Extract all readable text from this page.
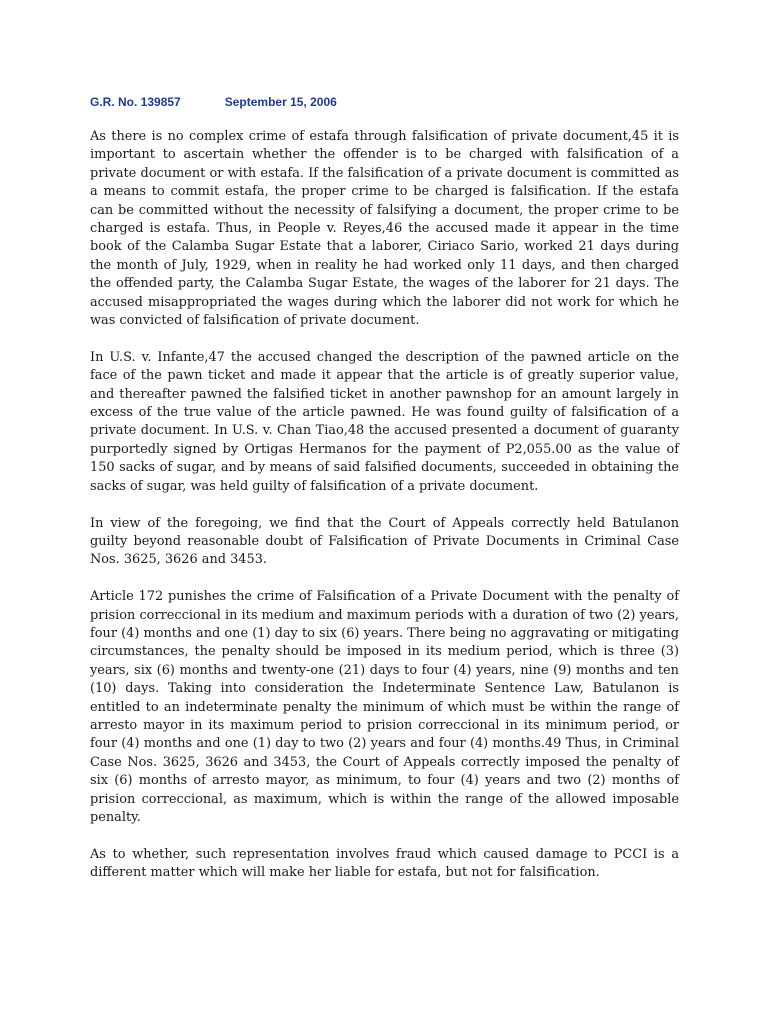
G.R. No. 139857	September 15, 2006

As there is no complex crime of estafa through falsification of private document,45 it is important to ascertain whether the offender is to be charged with falsification of a private document or with estafa. If the falsification of a private document is committed as a means to commit estafa, the proper crime to be charged is falsification. If the estafa can be committed without the necessity of falsifying a document, the proper crime to be charged is estafa. Thus, in People v. Reyes,46 the accused made it appear in the time book of the Calamba Sugar Estate that a laborer, Ciriaco Sario, worked 21 days during the month of July, 1929, when in reality he had worked only 11 days, and then charged the offended party, the Calamba Sugar Estate, the wages of the laborer for 21 days. The accused misappropriated the wages during which the laborer did not work for which he was convicted of falsification of private document.

In U.S. v. Infante,47 the accused changed the description of the pawned article on the face of the pawn ticket and made it appear that the article is of greatly superior value, and thereafter pawned the falsified ticket in another pawnshop for an amount largely in excess of the true value of the article pawned. He was found guilty of falsification of a private document. In U.S. v. Chan Tiao,48 the accused presented a document of guaranty purportedly signed by Ortigas Hermanos for the payment of P2,055.00 as the value of 150 sacks of sugar, and by means of said falsified documents, succeeded in obtaining the sacks of sugar, was held guilty of falsification of a private document.

In view of the foregoing, we find that the Court of Appeals correctly held Batulanon guilty beyond reasonable doubt of Falsification of Private Documents in Criminal Case Nos. 3625, 3626 and 3453.

Article 172 punishes the crime of Falsification of a Private Document with the penalty of prision correccional in its medium and maximum periods with a duration of two (2) years, four (4) months and one (1) day to six (6) years. There being no aggravating or mitigating circumstances, the penalty should be imposed in its medium period, which is three (3) years, six (6) months and twenty-one (21) days to four (4) years, nine (9) months and ten (10) days. Taking into consideration the Indeterminate Sentence Law, Batulanon is entitled to an indeterminate penalty the minimum of which must be within the range of arresto mayor in its maximum period to prision correccional in its minimum period, or four (4) months and one (1) day to two (2) years and four (4) months.49 Thus, in Criminal Case Nos. 3625, 3626 and 3453, the Court of Appeals correctly imposed the penalty of six (6) months of arresto mayor, as minimum, to four (4) years and two (2) months of prision correccional, as maximum, which is within the range of the allowed imposable penalty.

As to whether, such representation involves fraud which caused damage to PCCI is a different matter which will make her liable for estafa, but not for falsification.
